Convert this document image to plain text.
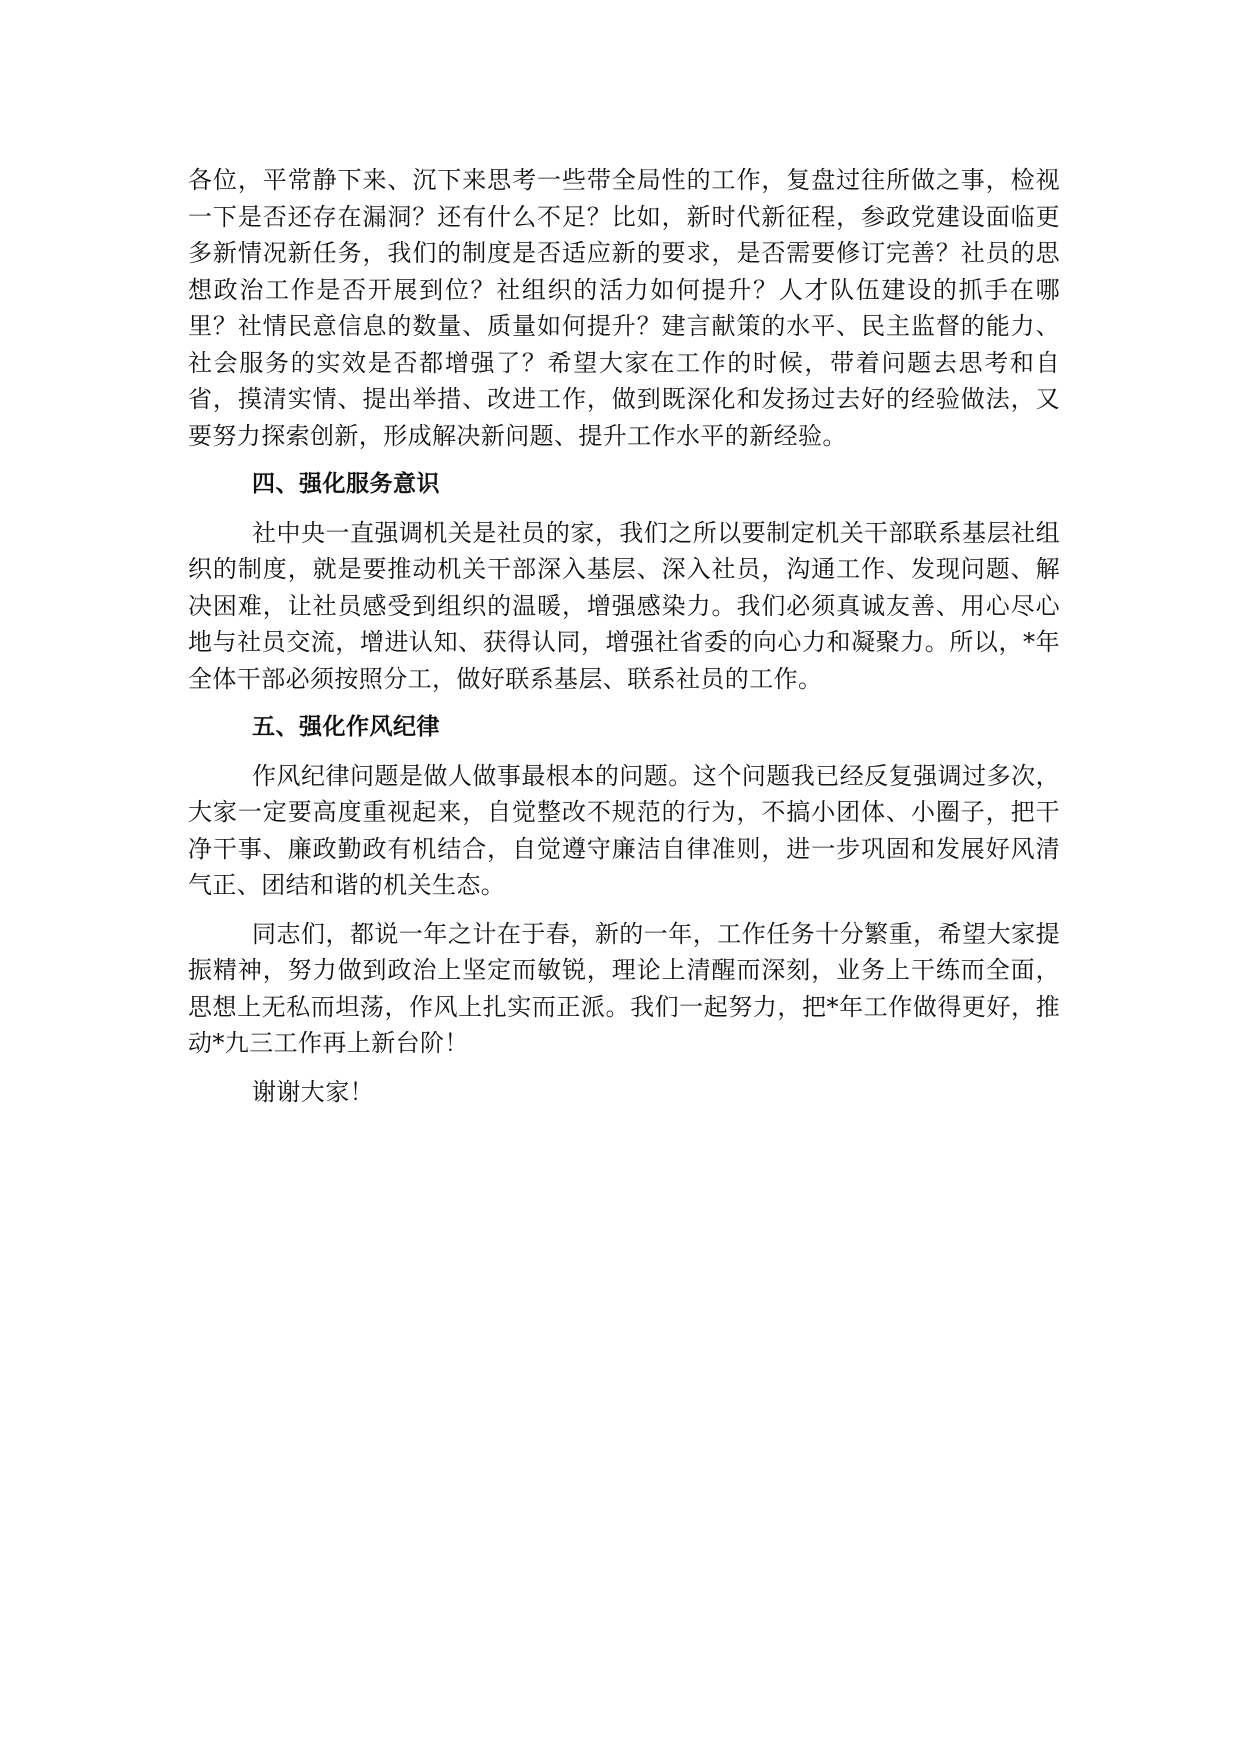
各位，平常静下来、沉下来思考一些带全局性的工作，复盘过往所做之事，检视一下是否还存在漏洞？还有什么不足？比如，新时代新征程，参政党建设面临更多新情况新任务，我们的制度是否适应新的要求，是否需要修订完善？社员的思想政治工作是否开展到位？社组织的活力如何提升？人才队伍建设的抓手在哪里？社情民意信息的数量、质量如何提升？建言献策的水平、民主监督的能力、社会服务的实效是否都增强了？希望大家在工作的时候，带着问题去思考和自省，摸清实情、提出举措、改进工作，做到既深化和发扬过去好的经验做法，又要努力探索创新，形成解决新问题、提升工作水平的新经验。

四、强化服务意识

社中央一直强调机关是社员的家，我们之所以要制定机关干部联系基层社组织的制度，就是要推动机关干部深入基层、深入社员，沟通工作、发现问题、解决困难，让社员感受到组织的温暖，增强感染力。我们必须真诚友善、用心尽心地与社员交流，增进认知、获得认同，增强社省委的向心力和凝聚力。所以，*年全体干部必须按照分工，做好联系基层、联系社员的工作。

五、强化作风纪律

作风纪律问题是做人做事最根本的问题。这个问题我已经反复强调过多次，大家一定要高度重视起来，自觉整改不规范的行为，不搞小团体、小圈子，把干净干事、廉政勤政有机结合，自觉遵守廉洁自律准则，进一步巩固和发展好风清气正、团结和谐的机关生态。

同志们，都说一年之计在于春，新的一年，工作任务十分繁重，希望大家提振精神，努力做到政治上坚定而敏锐，理论上清醒而深刻，业务上干练而全面，思想上无私而坦荡，作风上扎实而正派。我们一起努力，把*年工作做得更好，推动*九三工作再上新台阶！

谢谢大家！
